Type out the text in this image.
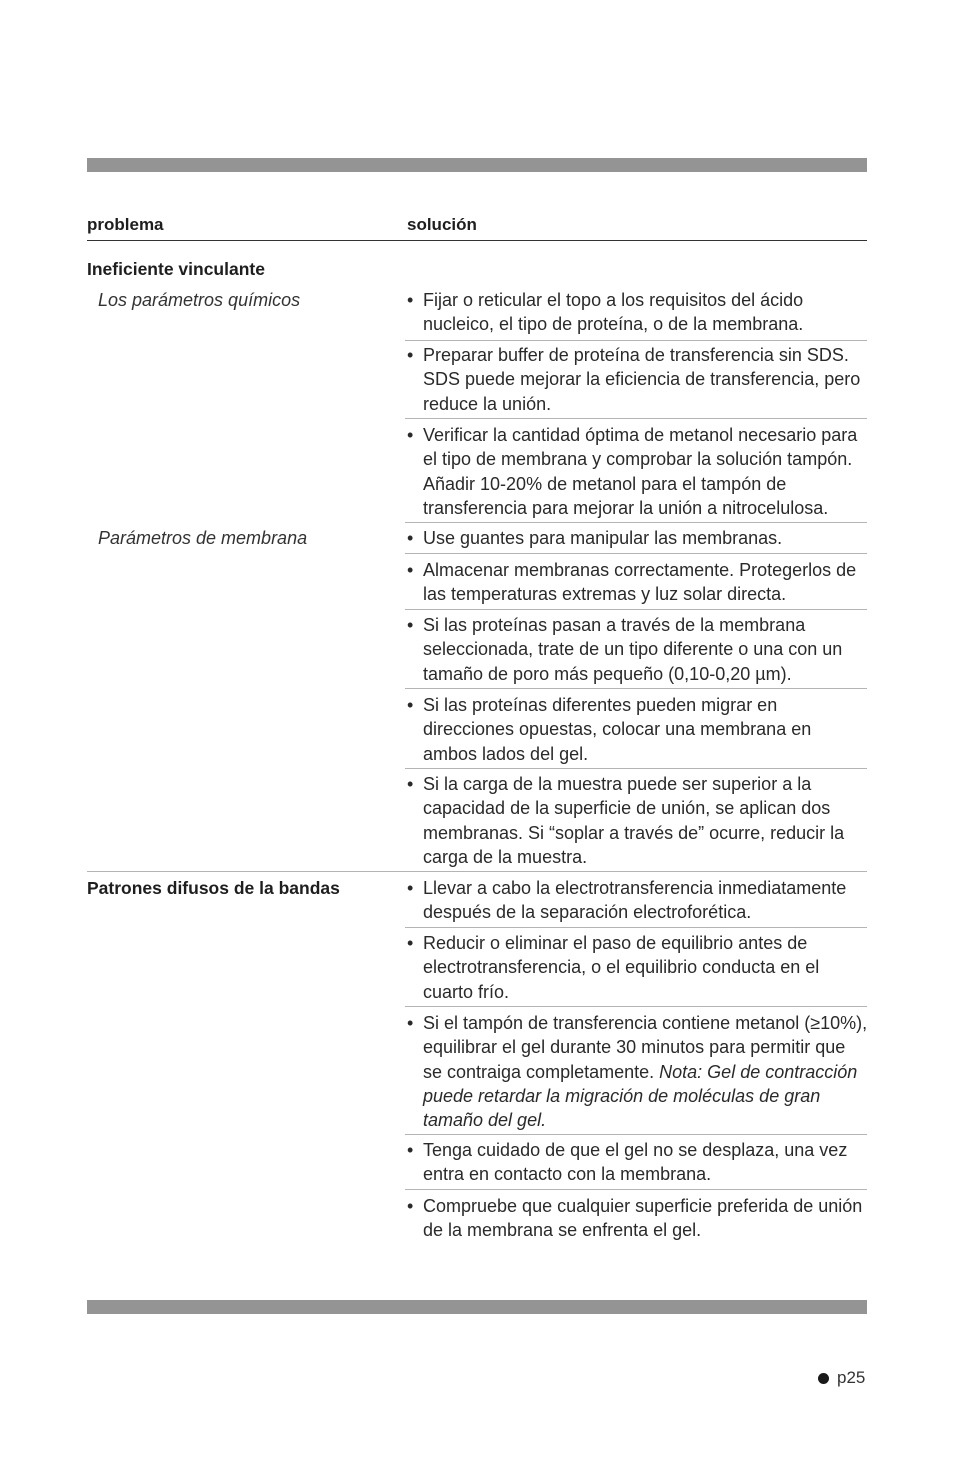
problema	solución
Ineficiente vinculante
Los parámetros químicos	• Fijar o reticular el topo a los requisitos del ácido nucleico, el tipo de proteína, o de la membrana.
• Preparar buffer de proteína de transferencia sin SDS. SDS puede mejorar la eficiencia de transferencia, pero reduce la unión.
• Verificar la cantidad óptima de metanol necesario para el tipo de membrana y comprobar la solución tampón. Añadir 10-20% de metanol para el tampón de transferencia para mejorar la unión a nitrocelulosa.
Parámetros de membrana	• Use guantes para manipular las membranas.
• Almacenar membranas correctamente. Protegerlos de las temperaturas extremas y luz solar directa.
• Si las proteínas pasan a través de la membrana seleccionada, trate de un tipo diferente o una con un tamaño de poro más pequeño (0,10-0,20 µm).
• Si las proteínas diferentes pueden migrar en direcciones opuestas, colocar una membrana en ambos lados del gel.
• Si la carga de la muestra puede ser superior a la capacidad de la superficie de unión, se aplican dos membranas. Si “soplar a través de” ocurre, reducir la carga de la muestra.
Patrones difusos de la bandas	• Llevar a cabo la electrotransferencia inmediatamente después de la separación electroforética.
• Reducir o eliminar el paso de equilibrio antes de electrotransferencia, o el equilibrio conducta en el cuarto frío.
• Si el tampón de transferencia contiene metanol (≥10%), equilibrar el gel durante 30 minutos para permitir que se contraiga completamente. Nota: Gel de contracción puede retardar la migración de moléculas de gran tamaño del gel.
• Tenga cuidado de que el gel no se desplaza, una vez entra en contacto con la membrana.
• Compruebe que cualquier superficie preferida de unión de la membrana se enfrenta el gel.
p25
